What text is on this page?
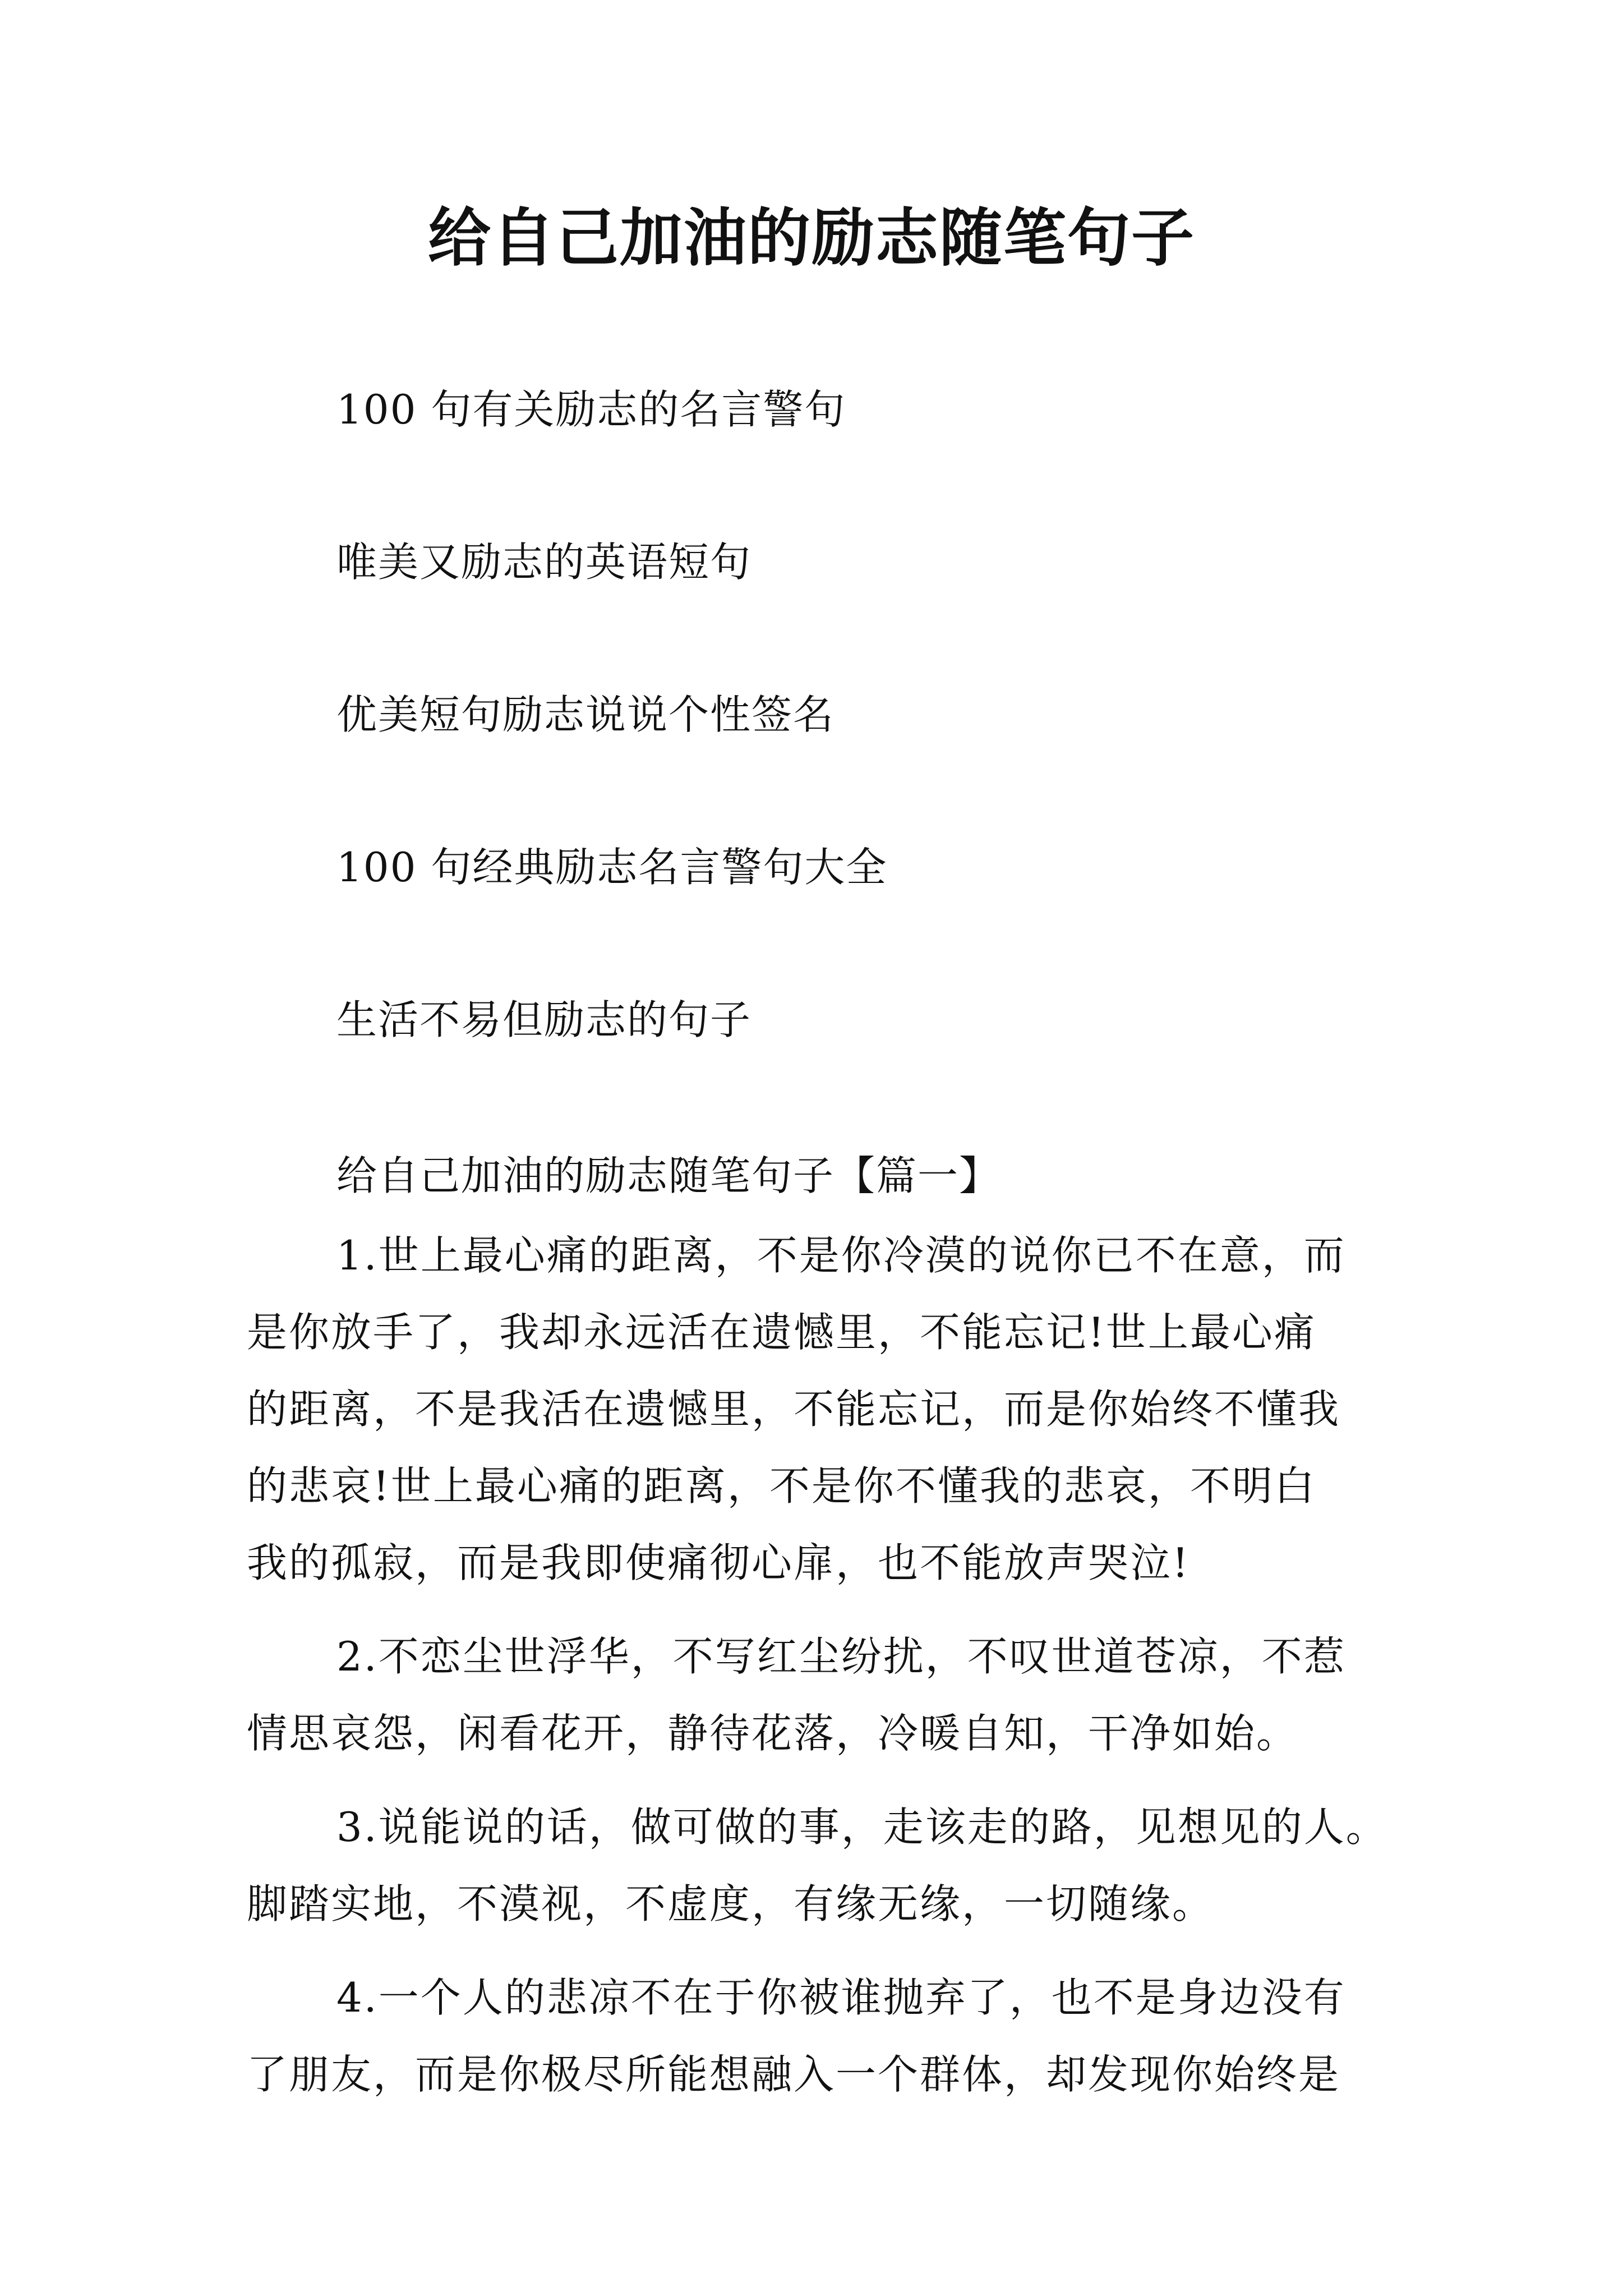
给自己加油的励志随笔句子
100 句有关励志的名言警句
唯美又励志的英语短句
优美短句励志说说个性签名
100 句经典励志名言警句大全
生活不易但励志的句子
给自己加油的励志随笔句子【篇一】

1.世上最心痛的距离，不是你冷漠的说你已不在意，而
是你放手了，我却永远活在遗憾里，不能忘记!世上最心痛
的距离，不是我活在遗憾里，不能忘记，而是你始终不懂我
的悲哀!世上最心痛的距离，不是你不懂我的悲哀，不明白
我的孤寂，而是我即使痛彻心扉，也不能放声哭泣!

2.不恋尘世浮华，不写红尘纷扰，不叹世道苍凉，不惹
情思哀怨，闲看花开，静待花落，冷暖自知，干净如始。

3.说能说的话，做可做的事，走该走的路，见想见的人。
脚踏实地，不漠视，不虚度，有缘无缘，一切随缘。

4.一个人的悲凉不在于你被谁抛弃了，也不是身边没有
了朋友，而是你极尽所能想融入一个群体，却发现你始终是
